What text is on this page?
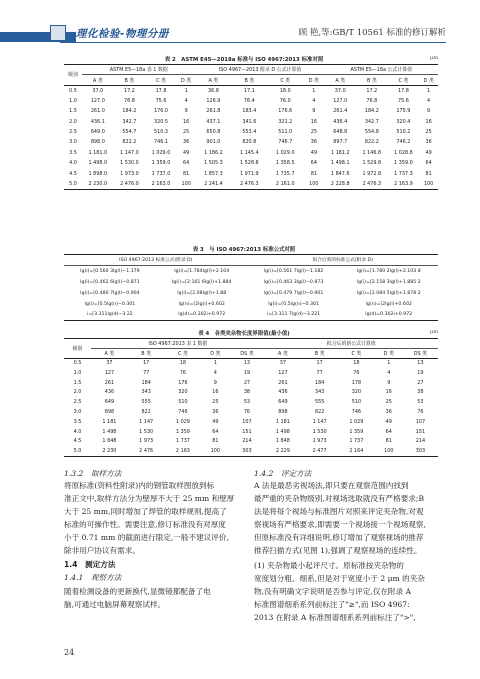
理化检验-物理分册	顾 艳,等:GB/T 10561 标准的修订解析
表 2　ASTM E45—2018a 标准与 ISO 4967:2013 标准对照	μm
级别	ASTM E5—18a 表 1 数据				ISO 4967—2013 附录 D 公式计算值				ASTM E5—18a 公式计算值			
	A 类	B 类	C 类	D 类	A 类	B 类	C 类	D 类	A 类	B 类	C 类	D 类
0.5	37.0	17.2	17.8	1	36.8	17.1	18.0	1	37.0	17.2	17.8	1
1.0	127.0	76.8	75.6	4	126.9	76.4	76.0	4	127.0	76.8	75.6	4
1.5	261.0	184.2	176.0	9	261.8	183.4	176.6	9	261.4	184.2	175.9	9
2.0	436.1	342.7	320.5	16	437.1	341.6	321.2	16	436.4	342.7	320.4	16
2.5	649.0	554.7	510.3	25	650.8	553.4	511.0	25	648.8	554.8	510.2	25
3.0	898.0	822.2	746.1	36	901.0	820.8	746.7	36	897.7	822.2	746.2	36
3.5	1 181.0	1 147.0	1 029.0	49	1 186.2	1 145.4	1 029.0	49	1 181.2	1 146.8	1 028.8	49
4.0	1 498.0	1 530.0	1 359.0	64	1 505.3	1 528.8	1 358.5	64	1 498.1	1 529.8	1 359.0	64
4.5	1 898.0	1 973.0	1 737.0	81	1 857.3	1 971.9	1 735.7	81	1 847.6	1 972.8	1 737.3	81
5.0	2 230.0	2 476.0	2 163.0	100	2 241.4	2 476.3	2 161.0	100	2 228.8	2 476.3	2 163.9	100
表 3　与 ISO 4967:2013 标准公式对照
ISO 4967:2013 标准公式(附录 D)		拟合后新的标准公式(附录 D)	
lg(i)=[0.560 3lg(l)−1.179	lg(i)=[1.784lg(l)+2.104	lg(i)=[0.561 7lg(l)−1.182	lg(i)=[1.780 2lg(l)+2.103 8
lg(i)=[0.462 6lg(l)−0.871	lg(i)=[2.161 6lg(l)+1.884	lg(i)=[0.463 3lg(l)−0.873	lg(i)=[2.158 3lg(l)+1.885 2
lg(i)=[0.480 7lg(l)−0.904	lg(i)=[2.08lg(l)+1.88	lg(i)=[0.479 7lg(l)−0.901	lg(i)=[2.084 5lg(l)+1.878 2
lg(i)=[0.5lg(n)−0.301	lg(n)=[2lg(i)+0.602	lg(i)=[0.5lg(n)−0.301	lg(n)=[2lg(i)+0.602
i=[3.311lg(d)−3.22	lg(d)=0.302i+0.972	i=[3.311 7lg(d)−3.221	lg(d)=0.302i+0.972
表 4　各类夹杂物长度界限值(最小值)	μm
级别	ISO 4967:2013 表 1 数据					拟合后的新公式计算值				
	A 类	B 类	C 类	D 类	DS 类	A 类	B 类	C 类	D 类	DS 类
0.5	37	17	18	1	13	37	17	18	1	13
1.0	127	77	76	4	19	127	77	76	4	19
1.5	261	184	176	9	27	261	184	178	9	27
2.0	436	343	320	16	38	436	343	320	16	38
2.5	649	555	510	25	53	649	555	510	25	53
3.0	898	822	746	36	76	898	822	746	36	76
3.5	1 181	1 147	1 029	49	107	1 181	1 147	1 029	49	107
4.0	1 498	1 530	1 359	64	151	1 498	1 530	1 359	64	151
4.5	1 848	1 973	1 737	81	214	1 848	1 973	1 737	81	214
5.0	2 230	2 476	2 163	100	303	2 229	2 477	2 164	100	303
1.3.2　取样方法
将原标准(资料性附录)内的钢管取样图放到标
准正文中,取样方法分为壁厚不大于 25 mm 和壁厚
大于 25 mm,同时增加了焊管的取样规则,提高了
标准的可操作性。需要注意,修订标准没有对厚度
小于 0.71 mm 的截面进行限定,一般不建议评价,
除非用户协议有需求。
1.4　测定方法
1.4.1　观察方法
随着检测设备的更新换代,显微镜都配备了电
脑,可通过电脑屏幕观察试样。
1.4.2　评定方法
A 法是最恶劣视场法,即只要在观察范围内找到
最严重的夹杂物级别,对视场选取就没有严格要求;B
法是将每个视场与标准图片对照来评定夹杂物,对观
察视场有严格要求,即需要一个视场接一个视场观察,
但原标准没有详细说明,修订增加了观察视场的推荐
推荐扫描方式(见图 1),强调了观察视场的连续性。
(1) 夹杂物最小起评尺寸。原标准按夹杂物的
宽度划分粗、细系,但是对于宽度小于 2 μm 的夹杂
物,没有明确文字说明是否参与评定,仅在附录 A
标准图谱细系系列前标注了"≥",而 ISO 4967:
2013 在附录 A 标准图谱细系系列前标注了">",
24
